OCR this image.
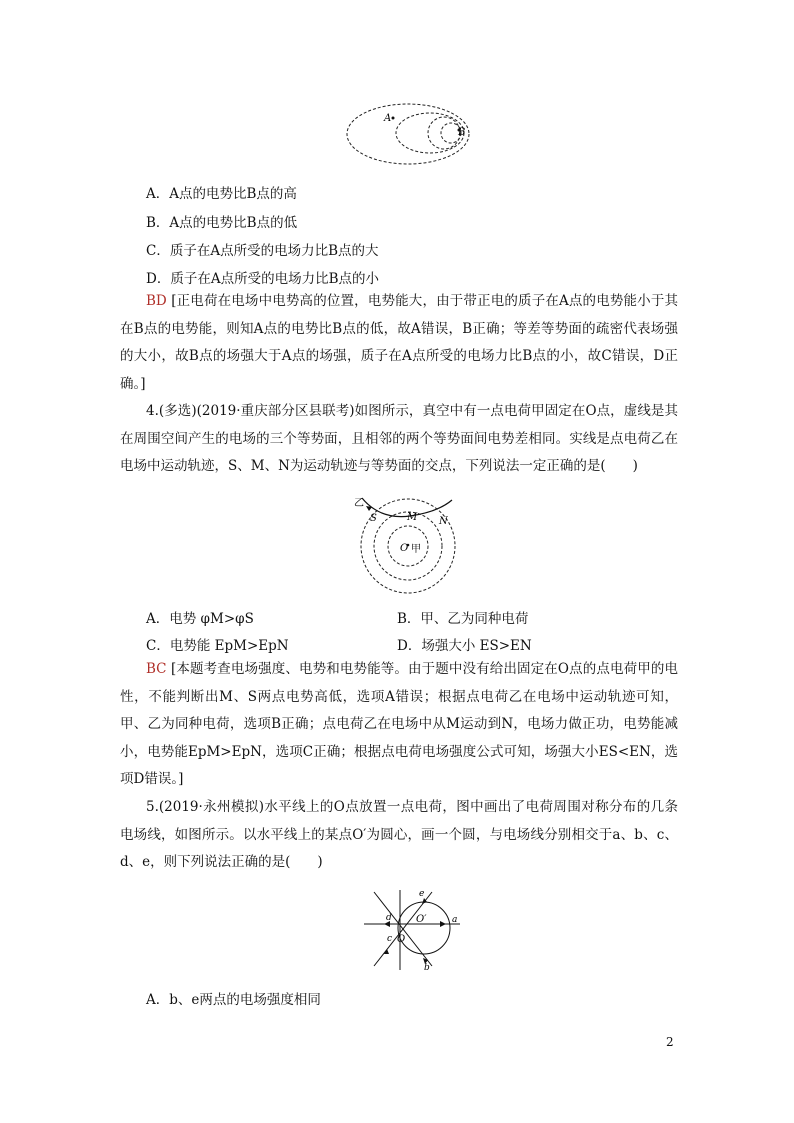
A
B
A．A点的电势比B点的高
B．A点的电势比B点的低
C．质子在A点所受的电场力比B点的大
D．质子在A点所受的电场力比B点的小
BD [正电荷在电场中电势高的位置，电势能大，由于带正电的质子在A点的电势能小于其在B点的电势能，则知A点的电势比B点的低，故A错误，B正确；等差等势面的疏密代表场强的大小，故B点的场强大于A点的场强，质子在A点所受的电场力比B点的小，故C错误，D正确。]
4.(多选)(2019·重庆部分区县联考)如图所示，真空中有一点电荷甲固定在O点，虚线是其在周围空间产生的电场的三个等势面，且相邻的两个等势面间电势差相同。实线是点电荷乙在电场中运动轨迹，S、M、N为运动轨迹与等势面的交点，下列说法一定正确的是(　　)
乙
S	M N
O 甲
A．电势 φM>φS	B．甲、乙为同种电荷
C．电势能 EpM>EpN	D．场强大小 ES>EN
BC [本题考查电场强度、电势和电势能等。由于题中没有给出固定在O点的点电荷甲的电性，不能判断出M、S两点电势高低，选项A错误；根据点电荷乙在电场中运动轨迹可知，甲、乙为同种电荷，选项B正确；点电荷乙在电场中从M运动到N，电场力做正功，电势能减小，电势能EpM>EpN，选项C正确；根据点电荷电场强度公式可知，场强大小ES<EN，选项D错误。]
5.(2019·永州模拟)水平线上的O点放置一点电荷，图中画出了电荷周围对称分布的几条电场线，如图所示。以水平线上的某点O′为圆心，画一个圆，与电场线分别相交于a、b、c、d、e，则下列说法正确的是(　　)
e
d O′	a
c O
b
A．b、e两点的电场强度相同
2
